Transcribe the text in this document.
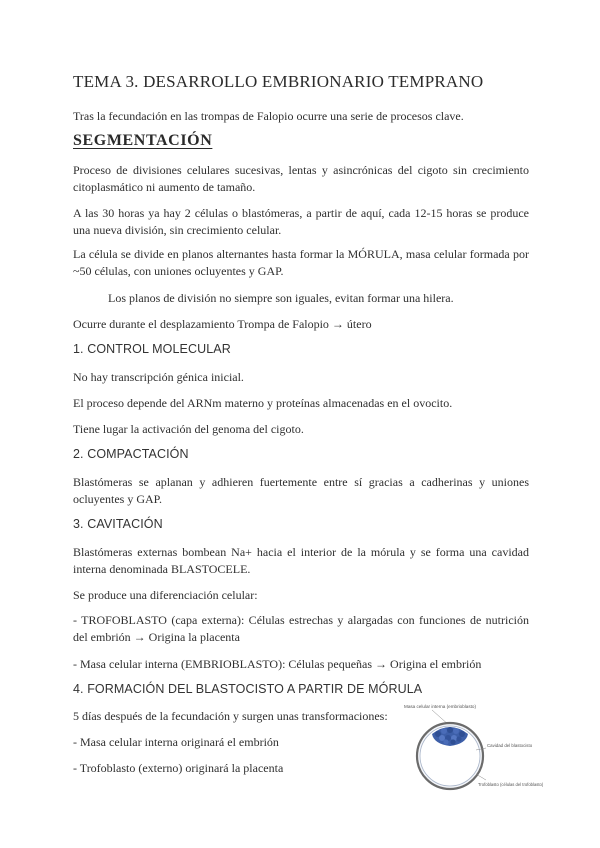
TEMA 3. DESARROLLO EMBRIONARIO TEMPRANO
Tras la fecundación en las trompas de Falopio ocurre una serie de procesos clave.
SEGMENTACIÓN
Proceso de divisiones celulares sucesivas, lentas y asincrónicas del cigoto sin crecimiento citoplasmático ni aumento de tamaño.
A las 30 horas ya hay 2 células o blastómeras, a partir de aquí, cada 12-15 horas se produce una nueva división, sin crecimiento celular.
La célula se divide en planos alternantes hasta formar la MÓRULA, masa celular formada por ~50 células, con uniones ocluyentes y GAP.
Los planos de división no siempre son iguales, evitan formar una hilera.
Ocurre durante el desplazamiento Trompa de Falopio → útero
1. CONTROL MOLECULAR
No hay transcripción génica inicial.
El proceso depende del ARNm materno y proteínas almacenadas en el ovocito.
Tiene lugar la activación del genoma del cigoto.
2. COMPACTACIÓN
Blastómeras se aplanan y adhieren fuertemente entre sí gracias a cadherinas y uniones ocluyentes y GAP.
3. CAVITACIÓN
Blastómeras externas bombean Na+ hacia el interior de la mórula y se forma una cavidad interna denominada BLASTOCELE.
Se produce una diferenciación celular:
- TROFOBLASTO (capa externa): Células estrechas y alargadas con funciones de nutrición del embrión → Origina la placenta
- Masa celular interna (EMBRIOBLASTO): Células pequeñas → Origina el embrión
4. FORMACIÓN DEL BLASTOCISTO A PARTIR DE MÓRULA
5 días después de la fecundación y surgen unas transformaciones:
- Masa celular interna originará el embrión
- Trofoblasto (externo) originará la placenta
Masa celular interna (embrioblasto)
Cavidad del blastocisto
Trofoblasto (células del trofoblasto)
